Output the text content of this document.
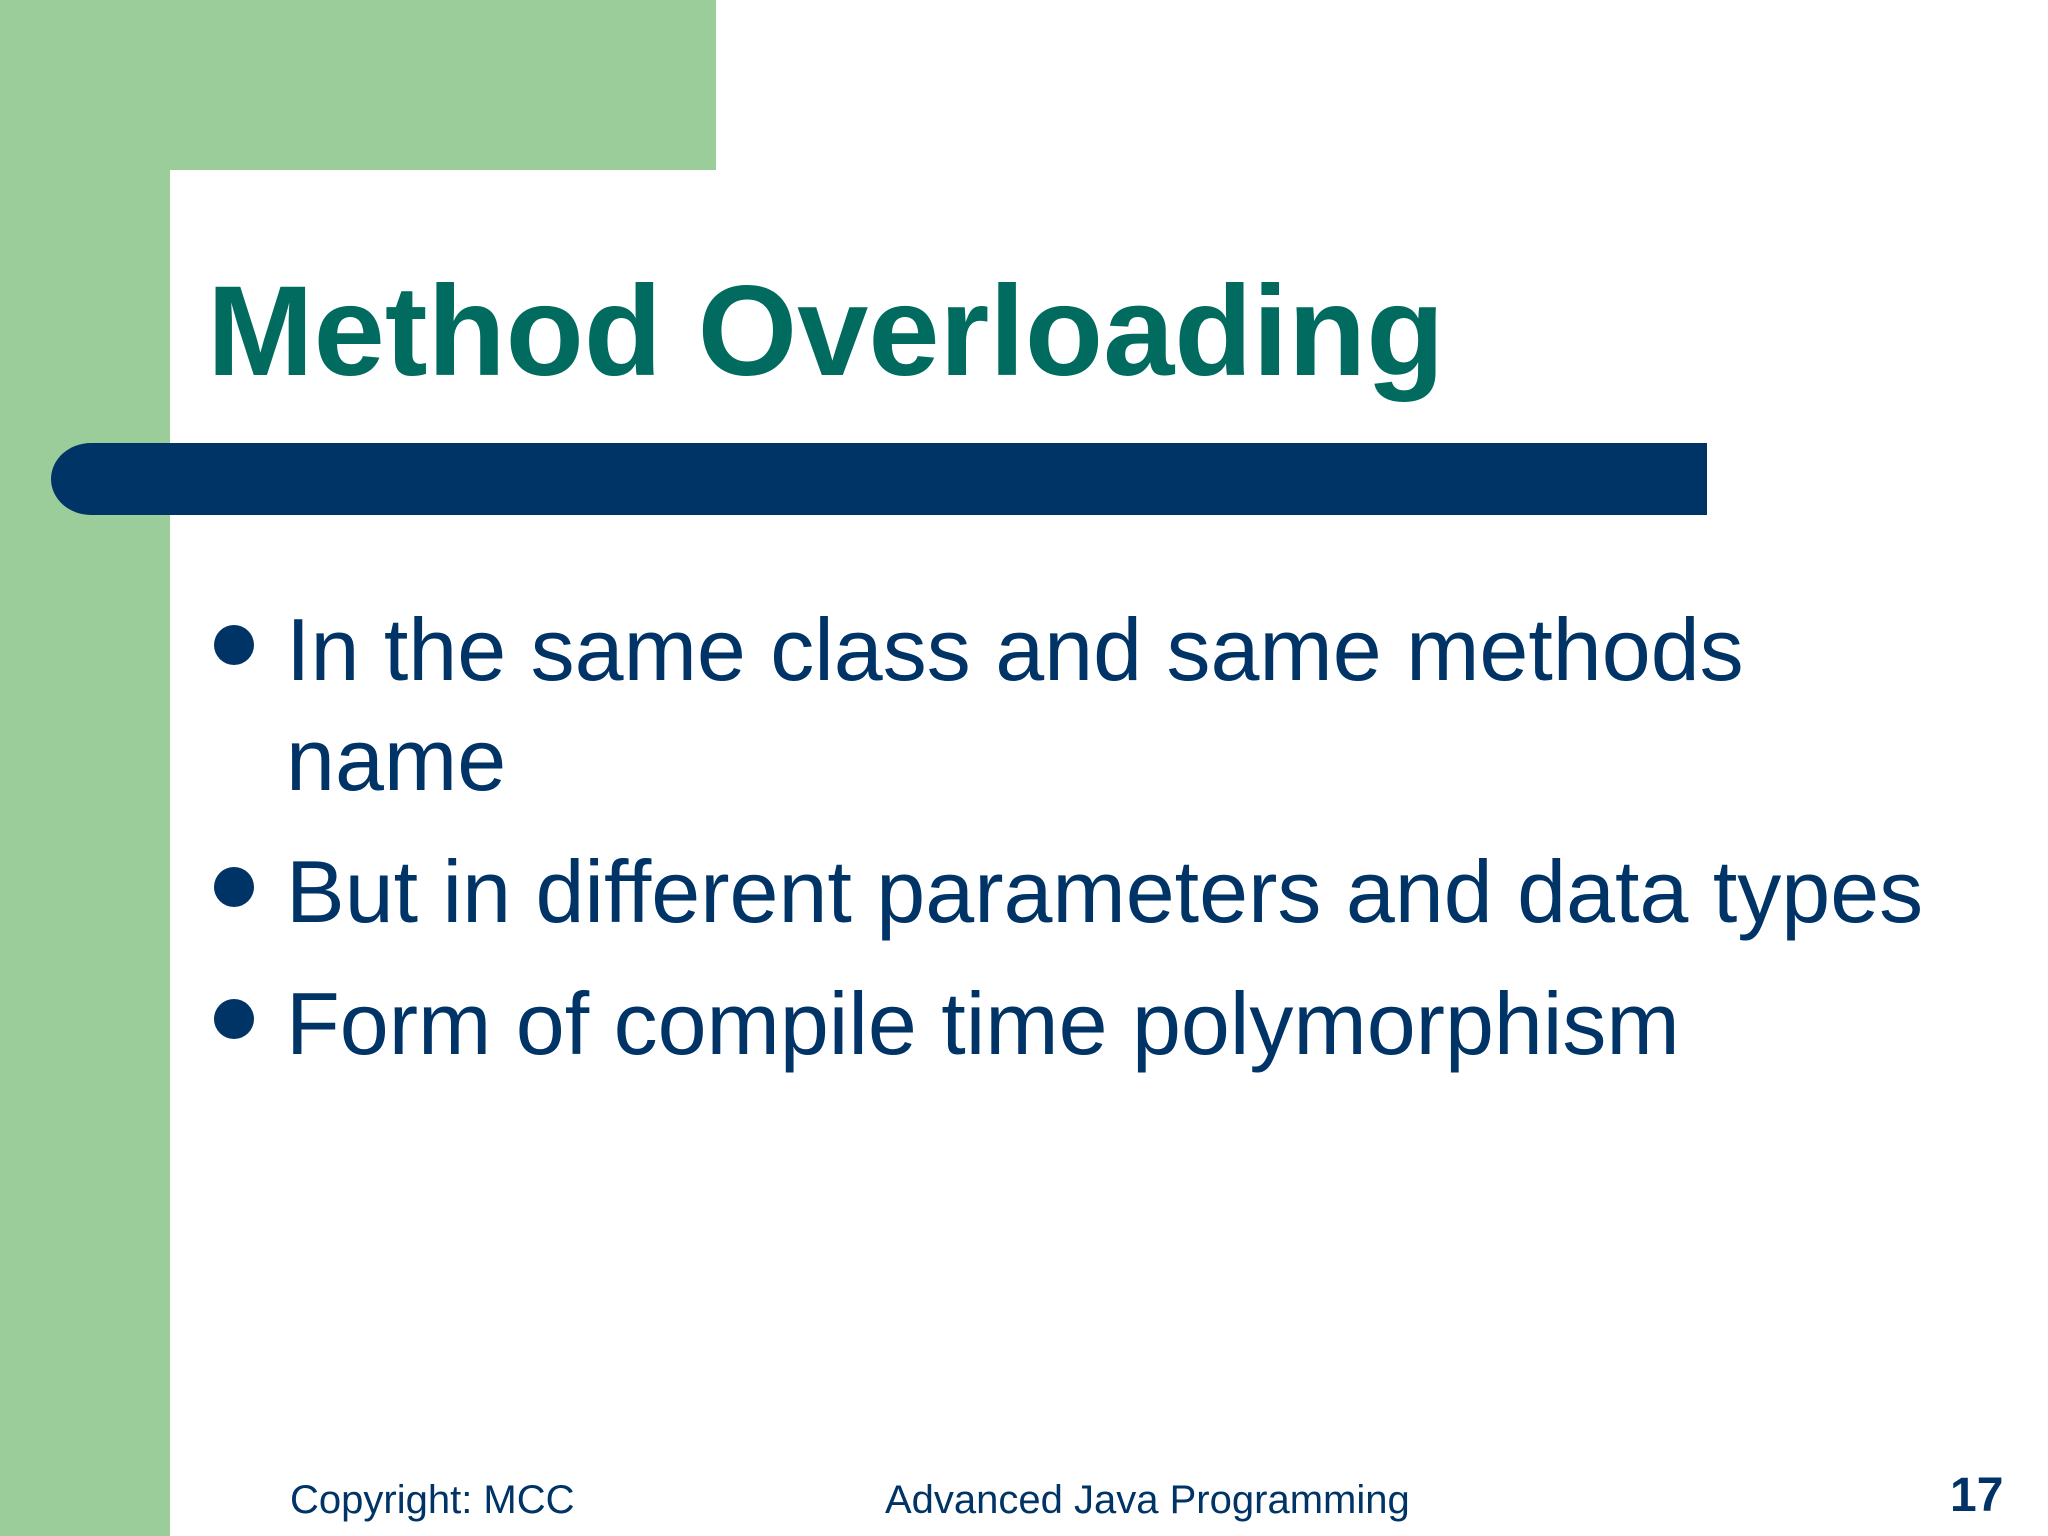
Method Overloading
In the same class and same methods name
But in different parameters and data types
Form of compile time polymorphism
Copyright: MCC	Advanced Java Programming	17
